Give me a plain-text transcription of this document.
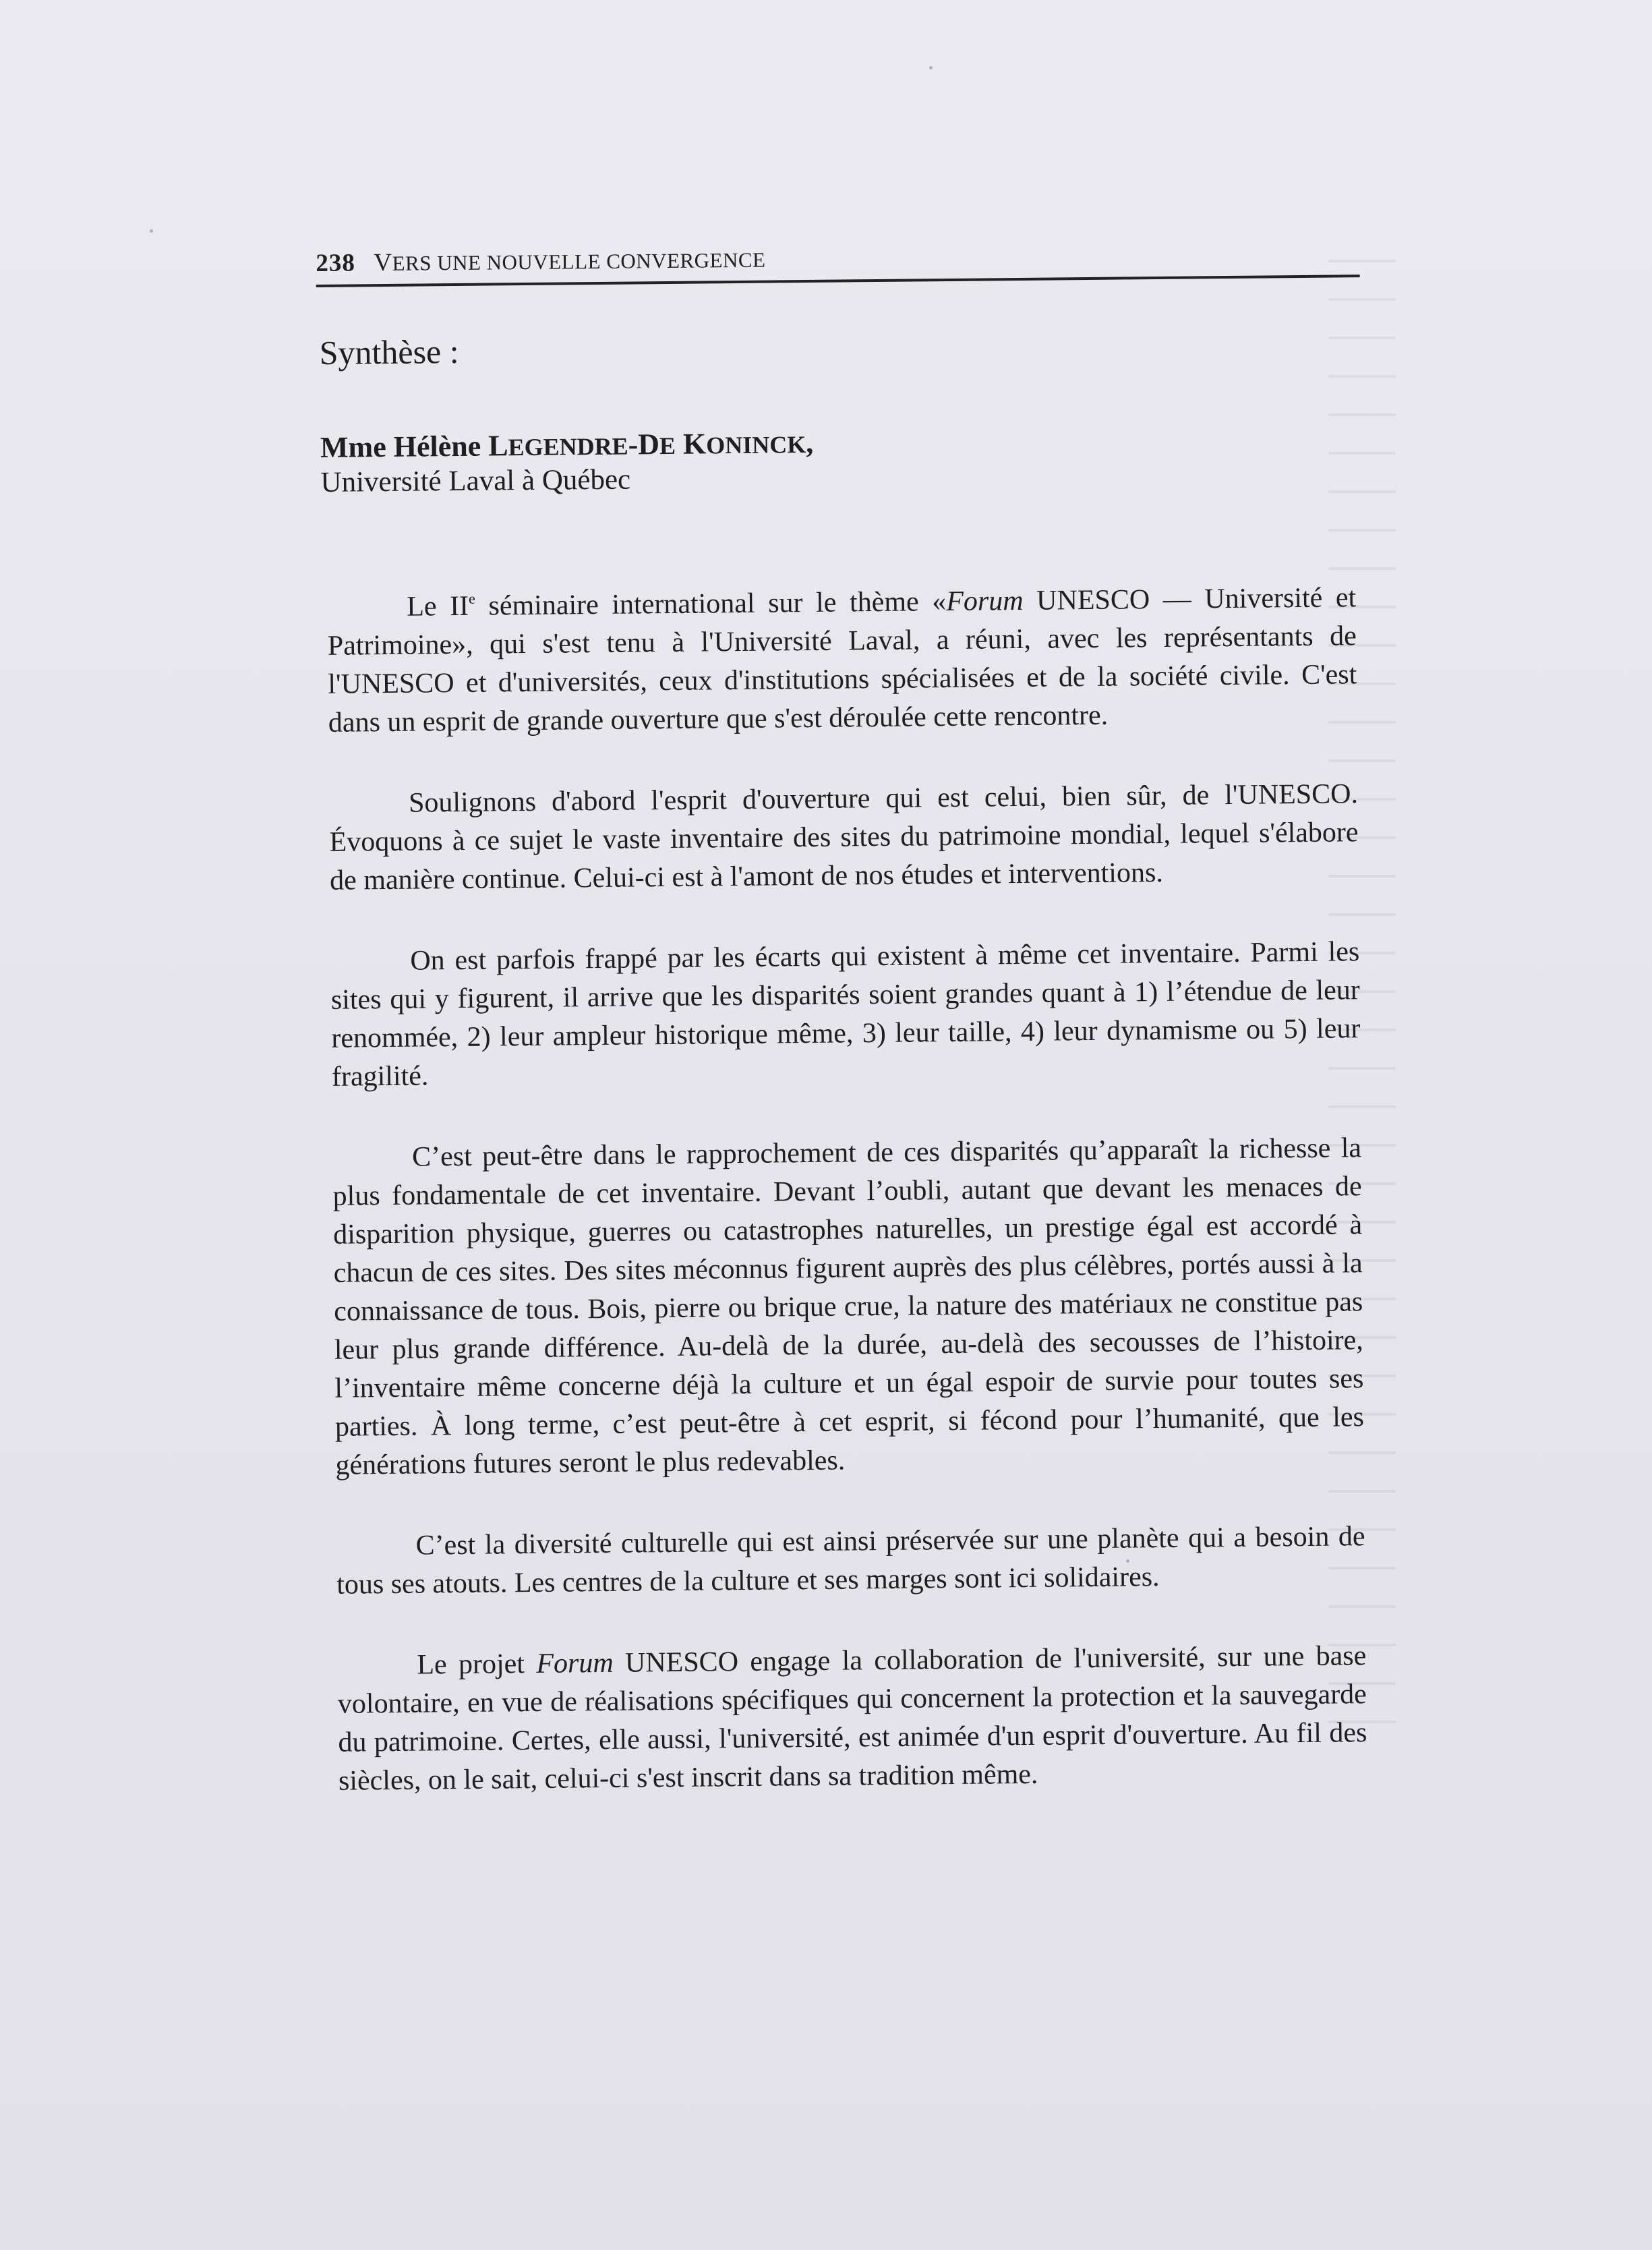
238 VERS UNE NOUVELLE CONVERGENCE
Synthèse :
Mme Hélène LEGENDRE-DE KONINCK,
Université Laval à Québec

Le IIe séminaire international sur le thème «Forum UNESCO — Université et Patrimoine», qui s'est tenu à l'Université Laval, a réuni, avec les représentants de l'UNESCO et d'universités, ceux d'institutions spécialisées et de la société civile. C'est dans un esprit de grande ouverture que s'est déroulée cette rencontre.

Soulignons d'abord l'esprit d'ouverture qui est celui, bien sûr, de l'UNESCO. Évoquons à ce sujet le vaste inventaire des sites du patrimoine mondial, lequel s'élabore de manière continue. Celui-ci est à l'amont de nos études et interventions.

On est parfois frappé par les écarts qui existent à même cet inventaire. Parmi les sites qui y figurent, il arrive que les disparités soient grandes quant à 1) l’étendue de leur renommée, 2) leur ampleur historique même, 3) leur taille, 4) leur dynamisme ou 5) leur fragilité.

C’est peut-être dans le rapprochement de ces disparités qu’apparaît la richesse la plus fondamentale de cet inventaire. Devant l’oubli, autant que devant les menaces de disparition physique, guerres ou catastrophes naturelles, un prestige égal est accordé à chacun de ces sites. Des sites méconnus figurent auprès des plus célèbres, portés aussi à la connaissance de tous. Bois, pierre ou brique crue, la nature des matériaux ne constitue pas leur plus grande différence. Au-delà de la durée, au-delà des secousses de l’histoire, l’inventaire même concerne déjà la culture et un égal espoir de survie pour toutes ses parties. À long terme, c’est peut-être à cet esprit, si fécond pour l’humanité, que les générations futures seront le plus redevables.

C’est la diversité culturelle qui est ainsi préservée sur une planète qui a besoin de tous ses atouts. Les centres de la culture et ses marges sont ici solidaires.

Le projet Forum UNESCO engage la collaboration de l'université, sur une base volontaire, en vue de réalisations spécifiques qui concernent la protection et la sauvegarde du patrimoine. Certes, elle aussi, l'université, est animée d'un esprit d'ouverture. Au fil des siècles, on le sait, celui-ci s'est inscrit dans sa tradition même.
